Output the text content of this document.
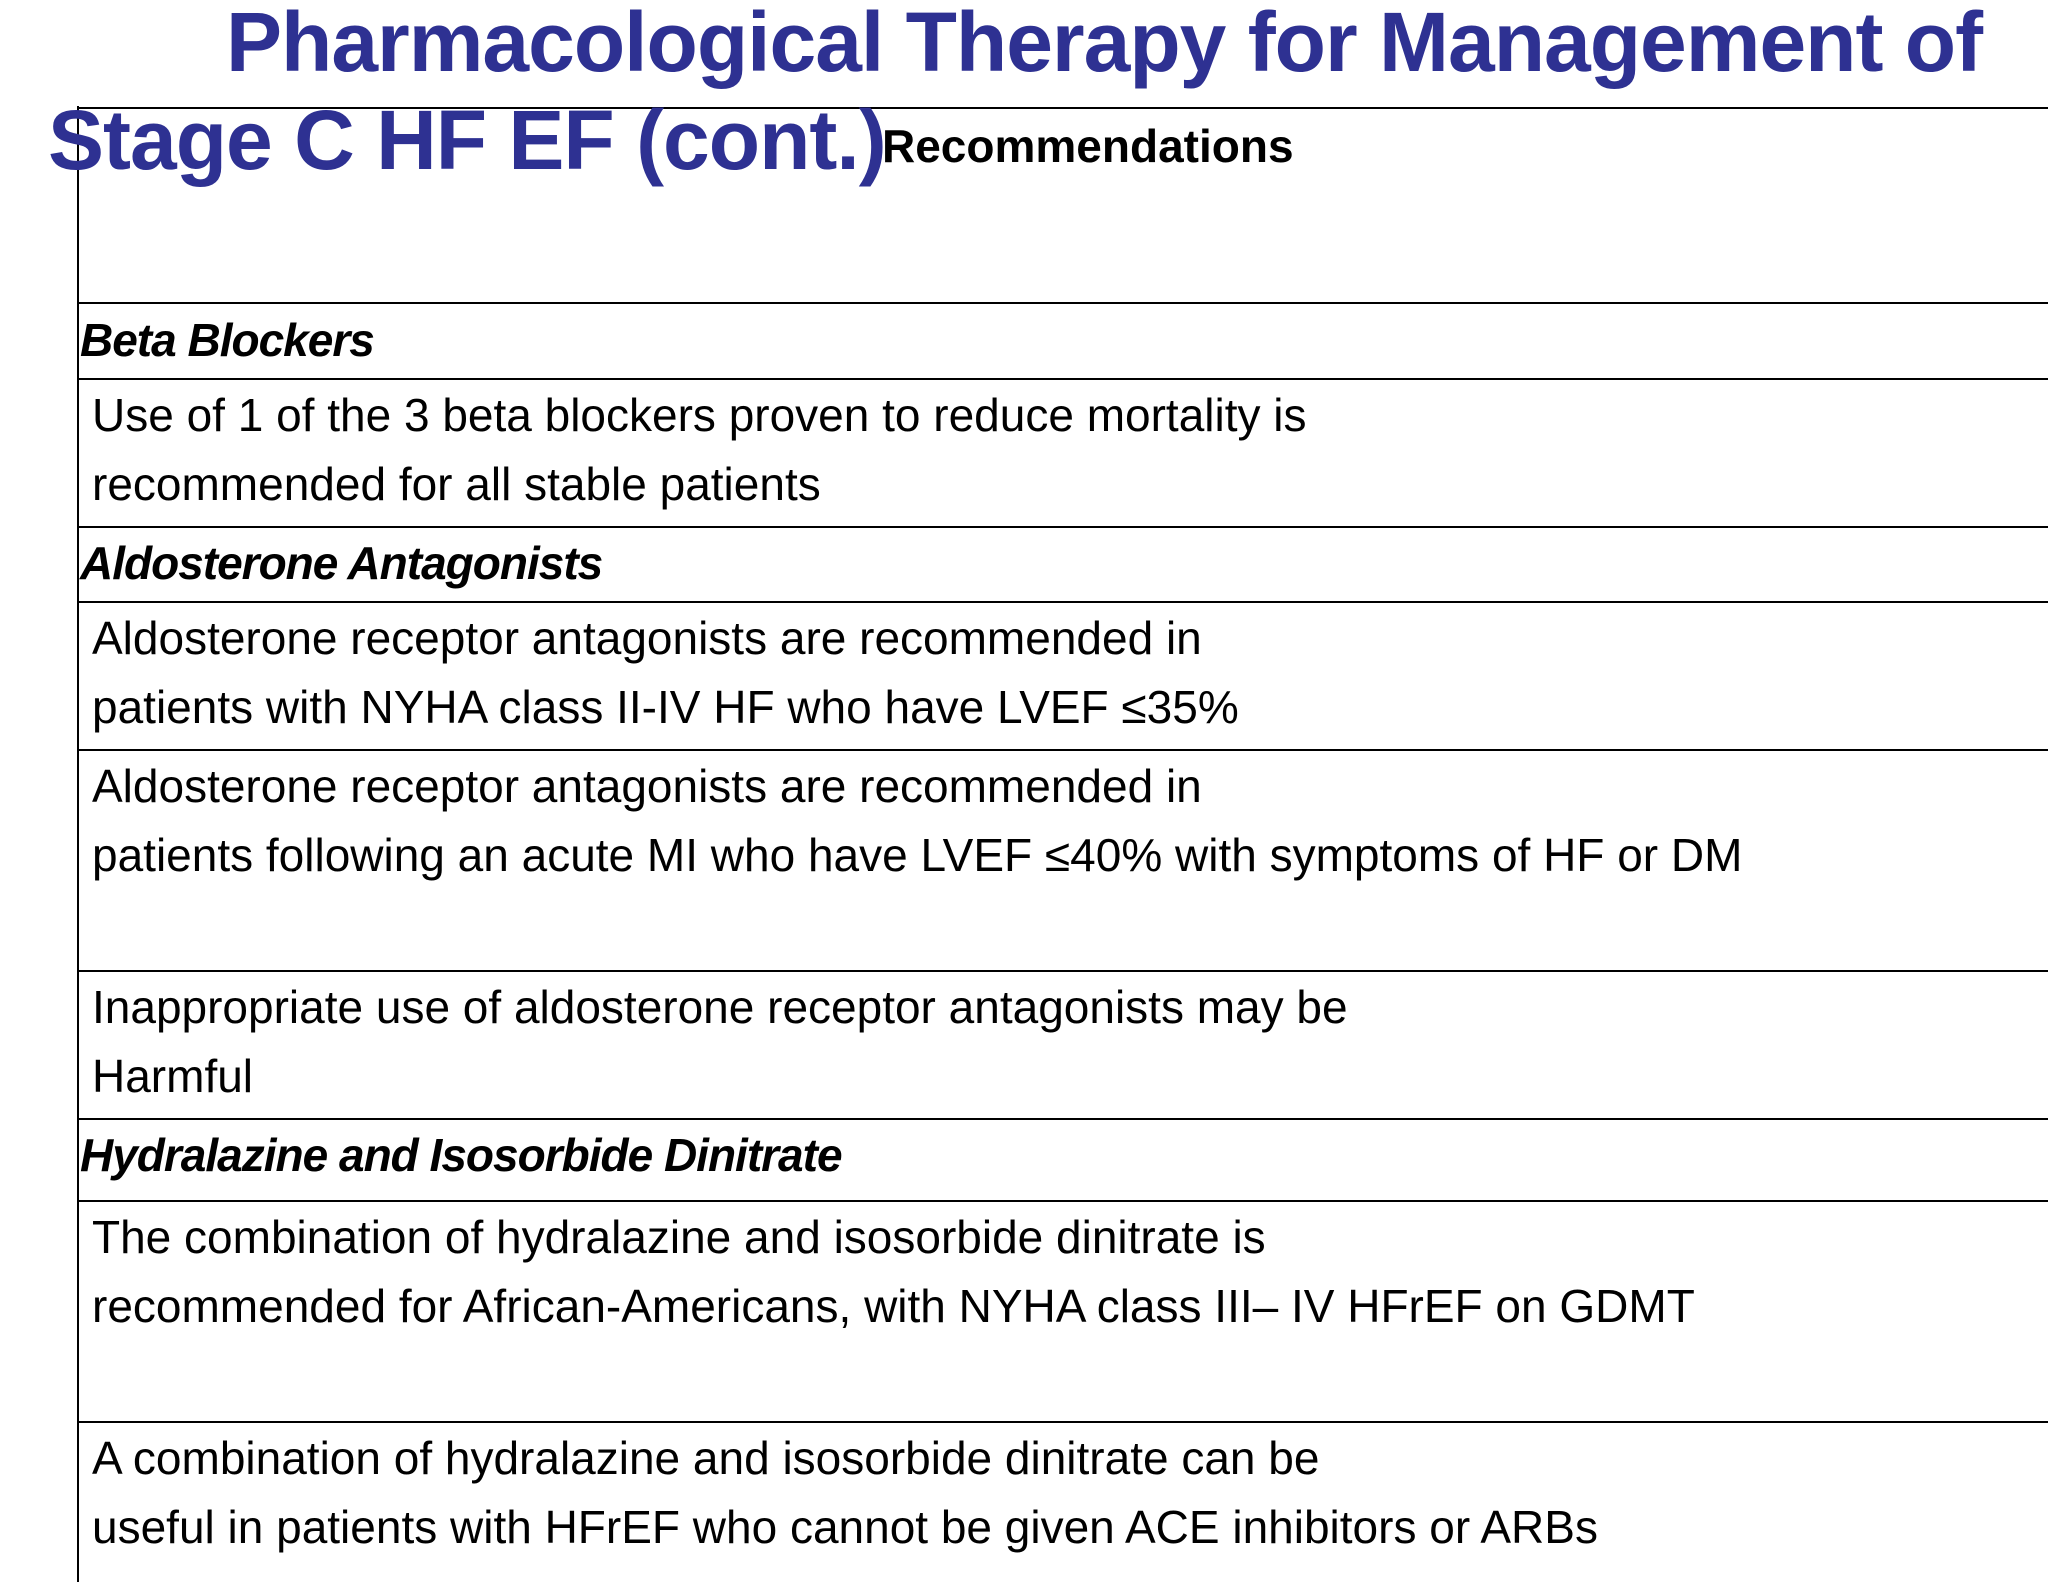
Pharmacological Therapy for Management of
Stage C HF EF (cont.)
Recommendations
Beta Blockers
Use of 1 of the 3 beta blockers proven to reduce mortality is
recommended for all stable patients
Aldosterone Antagonists
Aldosterone receptor antagonists are recommended in
patients with NYHA class II-IV HF who have LVEF ≤35%
Aldosterone receptor antagonists are recommended in
patients following an acute MI who have LVEF ≤40% with symptoms of HF or DM
Inappropriate use of aldosterone receptor antagonists may be
Harmful
Hydralazine and Isosorbide Dinitrate
The combination of hydralazine and isosorbide dinitrate is
recommended for African-Americans, with NYHA class III– IV HFrEF on GDMT
A combination of hydralazine and isosorbide dinitrate can be
useful in patients with HFrEF who cannot be given ACE inhibitors or ARBs
